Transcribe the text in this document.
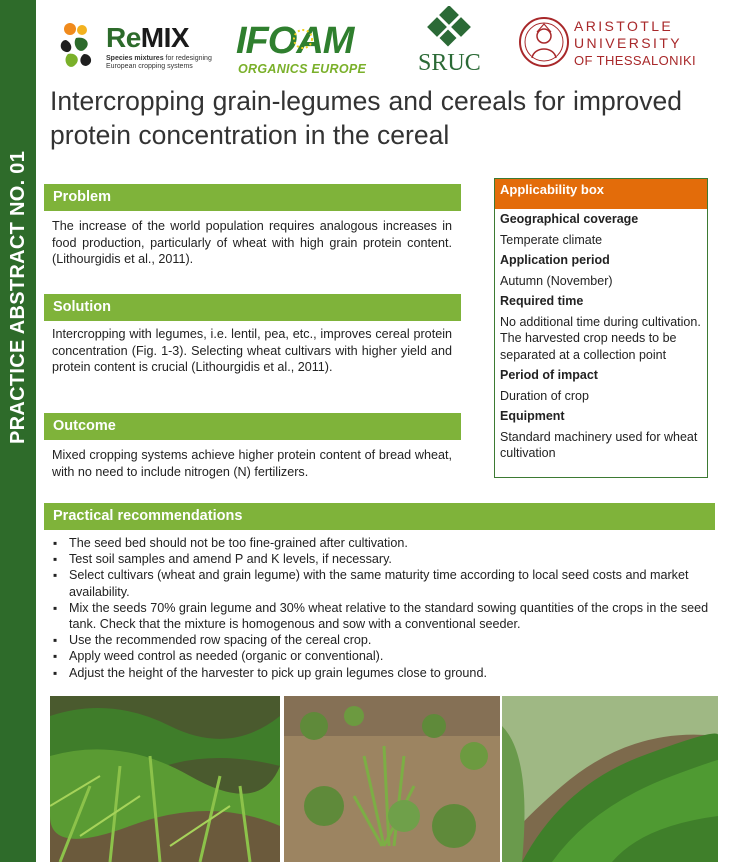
PRACTICE ABSTRACT NO. 01
ReMIX
Species mixtures for redesigning European cropping systems
IFOAM
ORGANICS EUROPE SRUC
ARISTOTLE
UNIVERSITY
OF THESSALONIKI
Intercropping grain-legumes and cereals for improved protein concentration in the cereal
Problem
The increase of the world population requires analogous increases in food production, particularly of wheat with high grain protein content. (Lithourgidis et al., 2011).
Solution
Intercropping with legumes, i.e. lentil, pea, etc., improves cereal protein concentration (Fig. 1-3). Selecting wheat cultivars with higher yield and protein content is crucial (Lithourgidis et al., 2011).
Outcome
Mixed cropping systems achieve higher protein content of bread wheat, with no need to include nitrogen (N) fertilizers.
Applicability box
Geographical coverage
Temperate climate
Application period
Autumn (November)
Required time
No additional time during cultivation. The harvested crop needs to be separated at a collection point
Period of impact
Duration of crop
Equipment
Standard machinery used for wheat cultivation
Practical recommendations
▪ The seed bed should not be too fine-grained after cultivation.
▪ Test soil samples and amend P and K levels, if necessary.
▪ Select cultivars (wheat and grain legume) with the same maturity time according to local seed costs and market availability.
▪ Mix the seeds 70% grain legume and 30% wheat relative to the standard sowing quantities of the crops in the seed tank. Check that the mixture is homogenous and sow with a conventional seeder.
▪ Use the recommended row spacing of the cereal crop.
▪ Apply weed control as needed (organic or conventional).
▪ Adjust the height of the harvester to pick up grain legumes close to ground.
